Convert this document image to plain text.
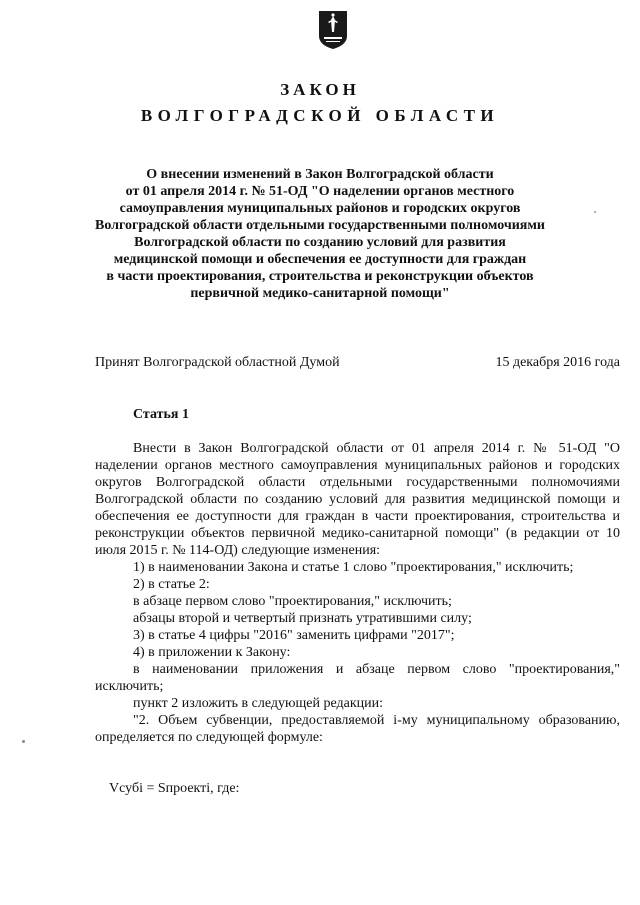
ЗАКОН
ВОЛГОГРАДСКОЙ ОБЛАСТИ

О внесении изменений в Закон Волгоградской области
от 01 апреля 2014 г. № 51-ОД "О наделении органов местного
самоуправления муниципальных районов и городских округов
Волгоградской области отдельными государственными полномочиями
Волгоградской области по созданию условий для развития
медицинской помощи и обеспечения ее доступности для граждан
в части проектирования, строительства и реконструкции объектов
первичной медико-санитарной помощи"

Принят Волгоградской областной Думой	15 декабря 2016 года
Статья 1

Внести в Закон Волгоградской области от 01 апреля 2014 г. № 51-ОД "О наделении органов местного самоуправления муниципальных районов и городских округов Волгоградской области отдельными государственными полномочиями Волгоградской области по созданию условий для развития медицинской помощи и обеспечения ее доступности для граждан в части проектирования, строительства и реконструкции объектов первичной медико-санитарной помощи" (в редакции от 10 июля 2015 г. № 114-ОД) следующие изменения:

1) в наименовании Закона и статье 1 слово "проектирования," исключить;

2) в статье 2:

в абзаце первом слово "проектирования," исключить;

абзацы второй и четвертый признать утратившими силу;

3) в статье 4 цифры "2016" заменить цифрами "2017";

4) в приложении к Закону:

в наименовании приложения и абзаце первом слово "проектирования," исключить;

пункт 2 изложить в следующей редакции:

"2. Объем субвенции, предоставляемой i-му муниципальному образованию, определяется по следующей формуле:

Vсубi = Sпроектi, где:
